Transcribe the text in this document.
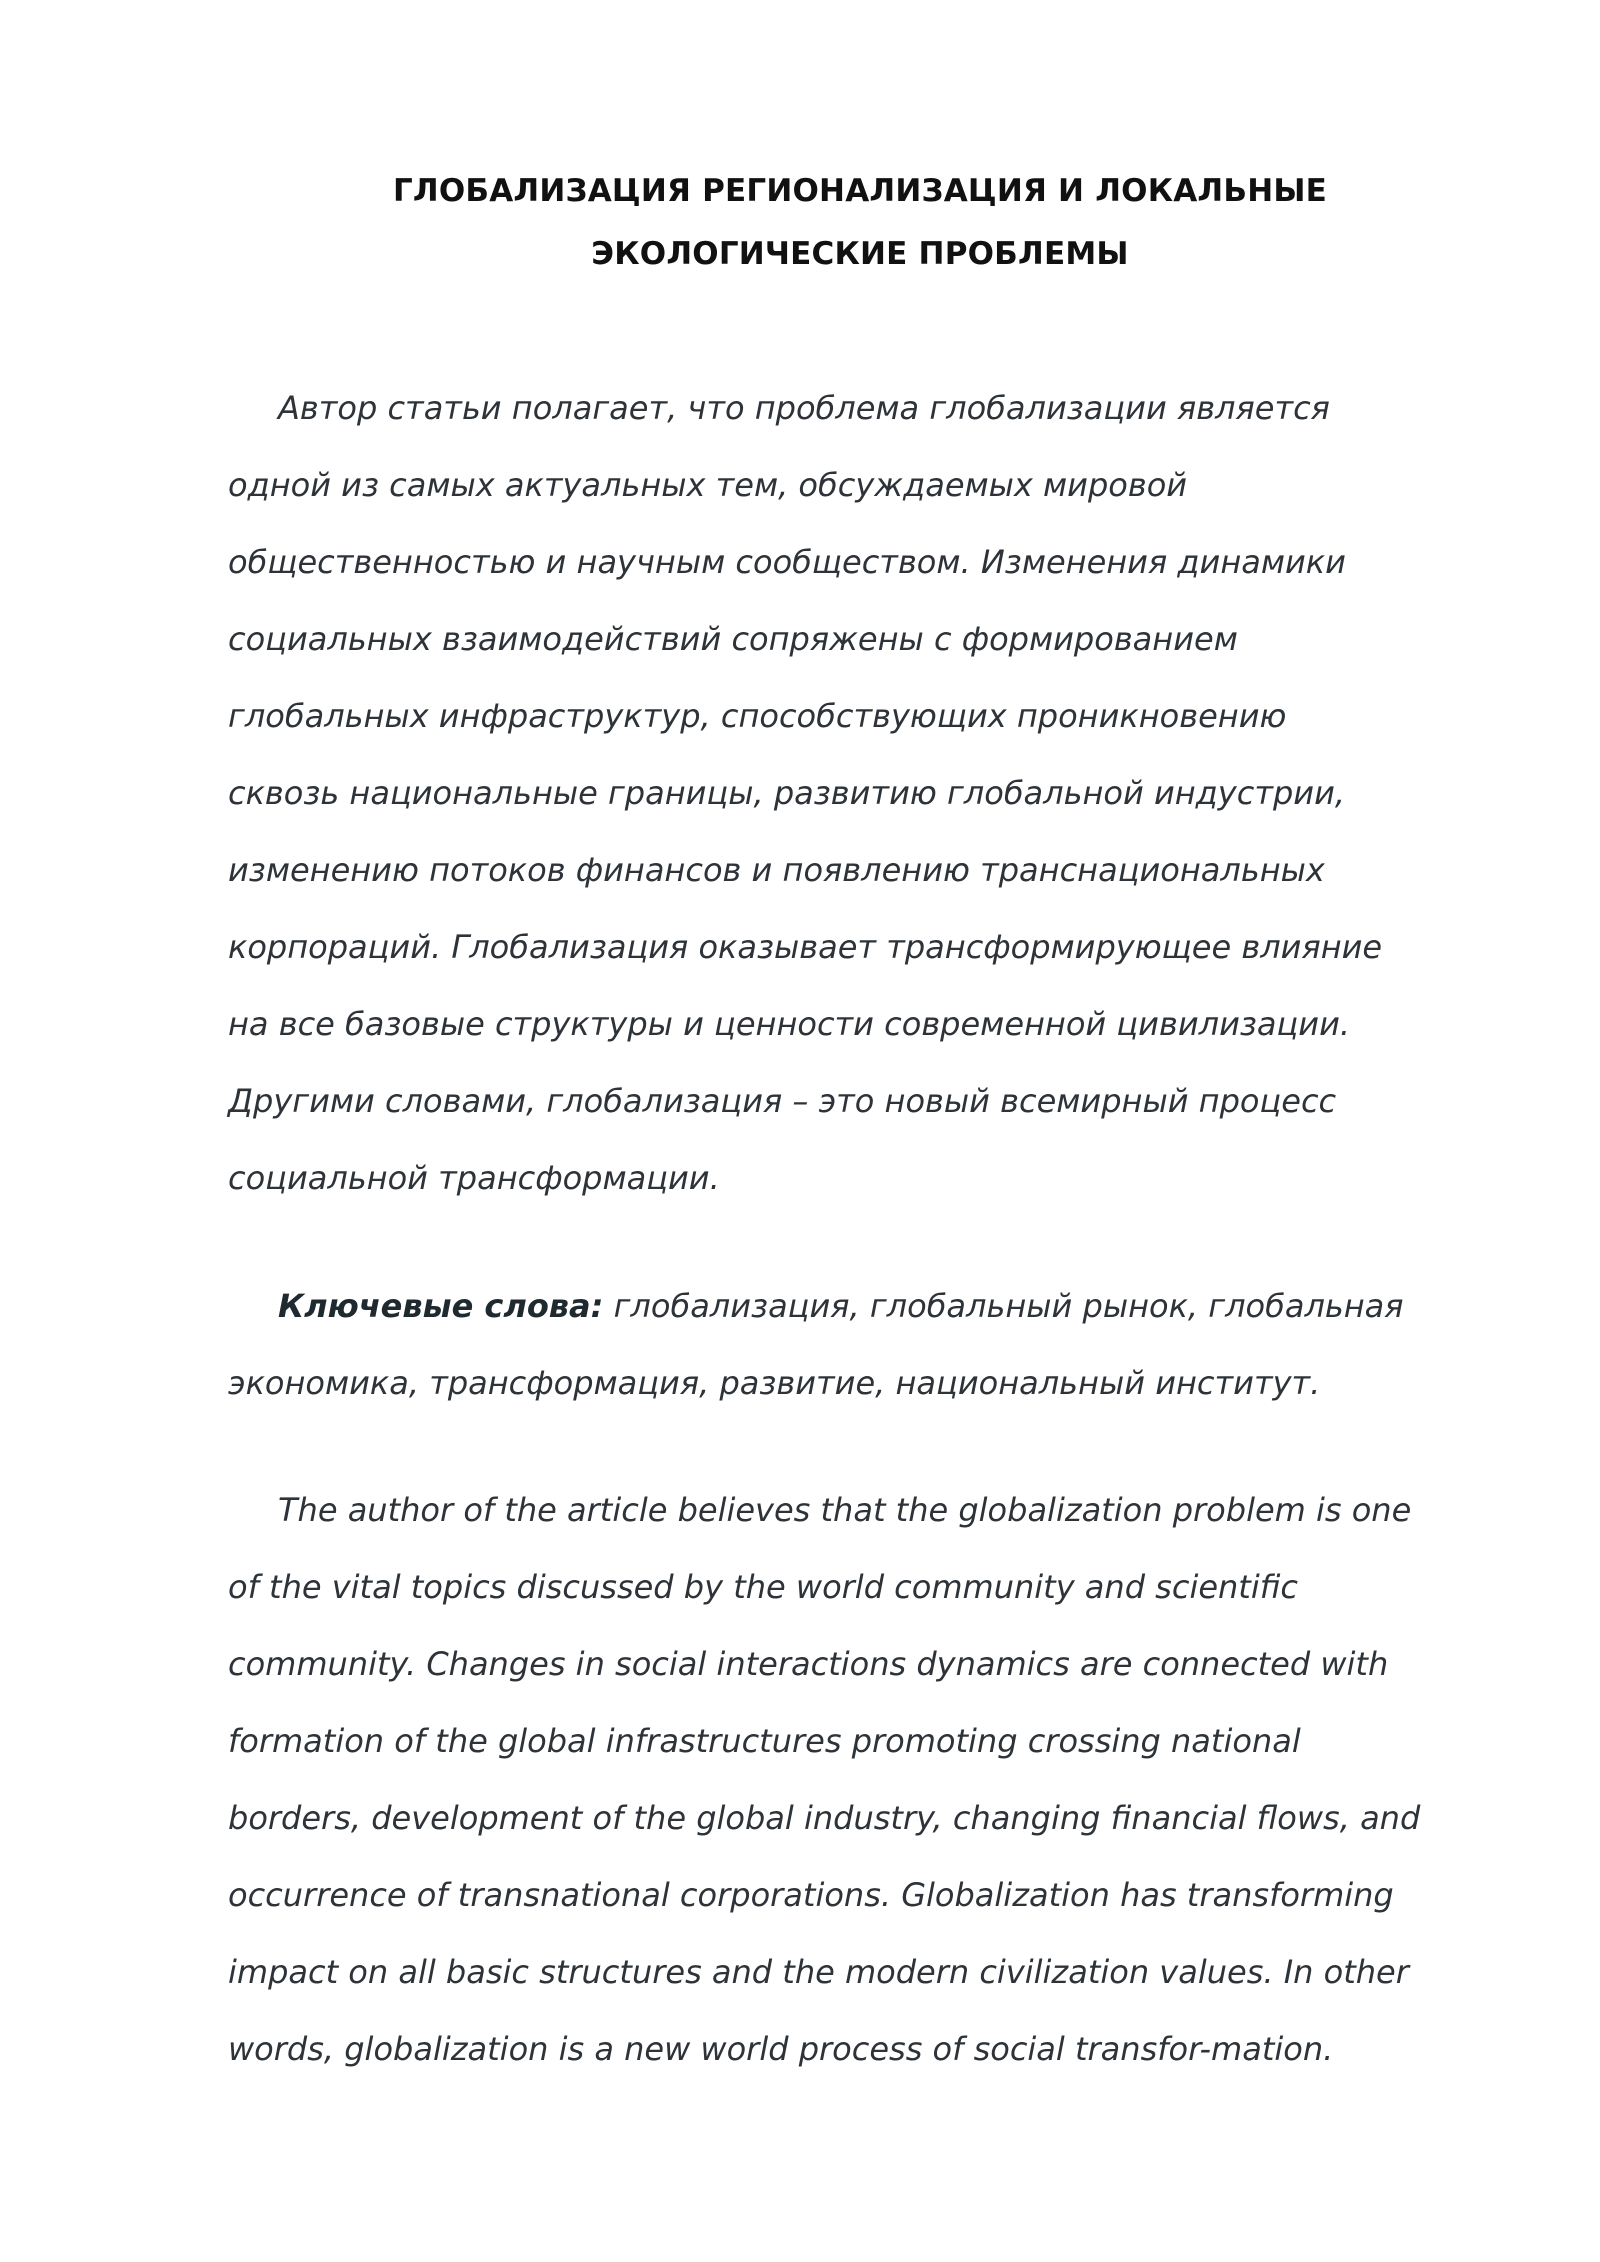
ГЛОБАЛИЗАЦИЯ РЕГИОНАЛИЗАЦИЯ И ЛОКАЛЬНЫЕ
ЭКОЛОГИЧЕСКИЕ ПРОБЛЕМЫ
Автор статьи полагает, что проблема глобализации является
одной из самых актуальных тем, обсуждаемых мировой
общественностью и научным сообществом. Изменения динамики
социальных взаимодействий сопряжены с формированием
глобальных инфраструктур, способствующих проникновению
сквозь национальные границы, развитию глобальной индустрии,
изменению потоков финансов и появлению транснациональных
корпораций. Глобализация оказывает трансформирующее влияние
на все базовые структуры и ценности современной цивилизации.
Другими словами, глобализация – это новый всемирный процесс
социальной трансформации.
Ключевые слова: глобализация, глобальный рынок, глобальная
экономика, трансформация, развитие, национальный институт.
The author of the article believes that the globalization problem is one
of the vital topics discussed by the world community and scientific
community. Changes in social interactions dynamics are connected with
formation of the global infrastructures promoting crossing national
borders, development of the global industry, changing financial flows, and
occurrence of transnational corporations. Globalization has transforming
impact on all basic structures and the modern civilization values. In other
words, globalization is a new world process of social transfor-mation.
